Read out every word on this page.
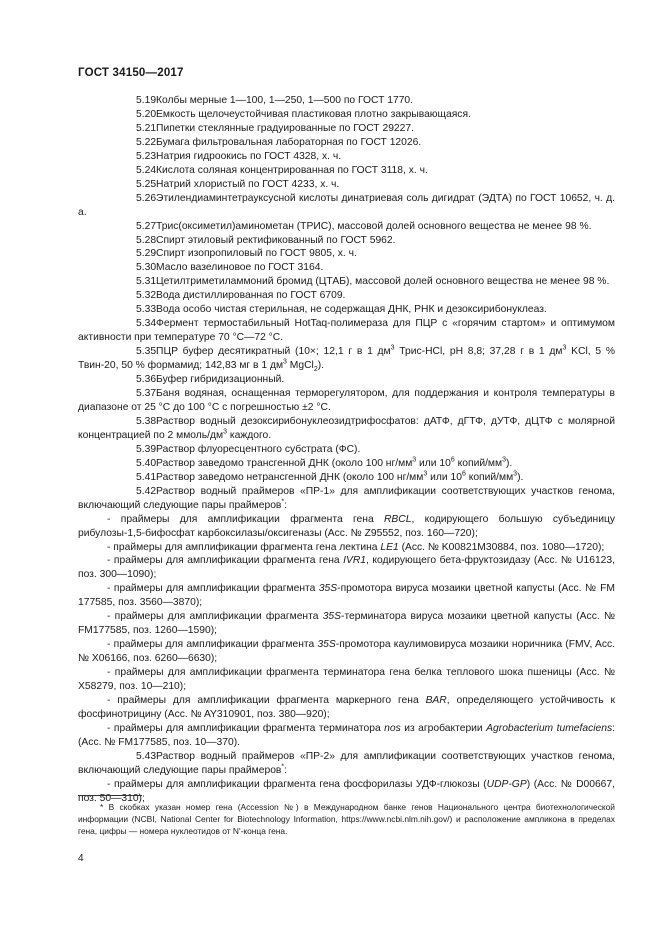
ГОСТ 34150—2017

5.19Колбы мерные 1—100, 1—250, 1—500 по ГОСТ 1770.

5.20Емкость щелочеустойчивая пластиковая плотно закрывающаяся.

5.21Пипетки стеклянные градуированные по ГОСТ 29227.

5.22Бумага фильтровальная лабораторная по ГОСТ 12026.

5.23Натрия гидроокись по ГОСТ 4328, х. ч.

5.24Кислота соляная концентрированная по ГОСТ 3118, х. ч.

5.25Натрий хлористый по ГОСТ 4233, х. ч.

5.26Этилендиаминтетрауксусной кислоты динатриевая соль дигидрат (ЭДТА) по ГОСТ 10652, ч. д. а.

5.27Трис(оксиметил)аминометан (ТРИС), массовой долей основного вещества не менее 98 %.

5.28Спирт этиловый ректификованный по ГОСТ 5962.

5.29Спирт изопропиловый по ГОСТ 9805, х. ч.

5.30Масло вазелиновое по ГОСТ 3164.

5.31Цетилтриметиламмоний бромид (ЦТАБ), массовой долей основного вещества не менее 98 %.

5.32Вода дистиллированная по ГОСТ 6709.

5.33Вода особо чистая стерильная, не содержащая ДНК, РНК и дезоксирибонуклеаз.

5.34Фермент термостабильный HotTaq-полимераза для ПЦР с «горячим стартом» и оптимумом активности при температуре 70 °С—72 °С.

5.35ПЦР буфер десятикратный (10×; 12,1 г в 1 $дм^3$ Трис-HCl, pH 8,8; 37,28 г в 1 $дм^3$ KCl, 5 % Твин-20, 50 % формамид; 142,83 мг в 1 $дм^3$ MgCl$_2$).

5.36Буфер гибридизационный.

5.37Баня водяная, оснащенная терморегулятором, для поддержания и контроля температуры в диапазоне от 25 °С до 100 °С с погрешностью ±2 °С.

5.38Раствор водный дезоксирибонуклеозидтрифосфатов: дАТФ, дГТФ, дУТФ, дЦТФ с молярной концентрацией по 2 ммоль/$дм^3$ каждого.

5.39Раствор флуоресцентного субстрата (ФС).

5.40Раствор заведомо трансгенной ДНК (около 100 $нг/мм^3$ или $10^6$ копий/$мм^3$).

5.41Раствор заведомо нетрансгенной ДНК (около 100 $нг/мм^3$ или $10^6$ копий/$мм^3$).

5.42Раствор водный праймеров «ПР-1» для амплификации соответствующих участков генома, включающий следующие пары праймеров*:

- праймеры для амплификации фрагмента гена RBCL, кодирующего большую субъединицу рибулозы-1,5-бифосфат карбоксилазы/оксигеназы (Acc. № Z95552, поз. 160—720);

- праймеры для амплификации фрагмента гена лектина LE1 (Acc. № K00821M30884, поз. 1080—1720);

- праймеры для амплификации фрагмента гена IVR1, кодирующего бета-фруктозидазу (Acc. № U16123, поз. 300—1090);

- праймеры для амплификации фрагмента 35S-промотора вируса мозаики цветной капусты (Acc. № FM 177585, поз. 3560—3870);

- праймеры для амплификации фрагмента 35S-терминатора вируса мозаики цветной капусты (Acc. № FM177585, поз. 1260—1590);

- праймеры для амплификации фрагмента 35S-промотора каулимовируса мозаики норичника (FMV, Acc. № X06166, поз. 6260—6630);

- праймеры для амплификации фрагмента терминатора гена белка теплового шока пшеницы (Acc. № X58279, поз. 10—210);

- праймеры для амплификации фрагмента маркерного гена BAR, определяющего устойчивость к фосфинотрицину (Acc. № AY310901, поз. 380—920);

- праймеры для амплификации фрагмента терминатора nos из агробактерии Agrobacterium tumefaciens: (Acc. № FM177585, поз. 10—370).

5.43Раствор водный праймеров «ПР-2» для амплификации соответствующих участков генома, включающий следующие пары праймеров*:

- праймеры для амплификации фрагмента гена фосфорилазы УДФ-глюкозы (UDP-GP) (Acc. № D00667, поз. 50—310);

* В скобках указан номер гена (Accession №) в Международном банке генов Национального центра биотехнологической информации (NCBI, National Center for Biotechnology Information, https://www.ncbi.nlm.nih.gov/) и расположение ампликона в пределах гена, цифры — номера нуклеотидов от N'-конца гена.

4
